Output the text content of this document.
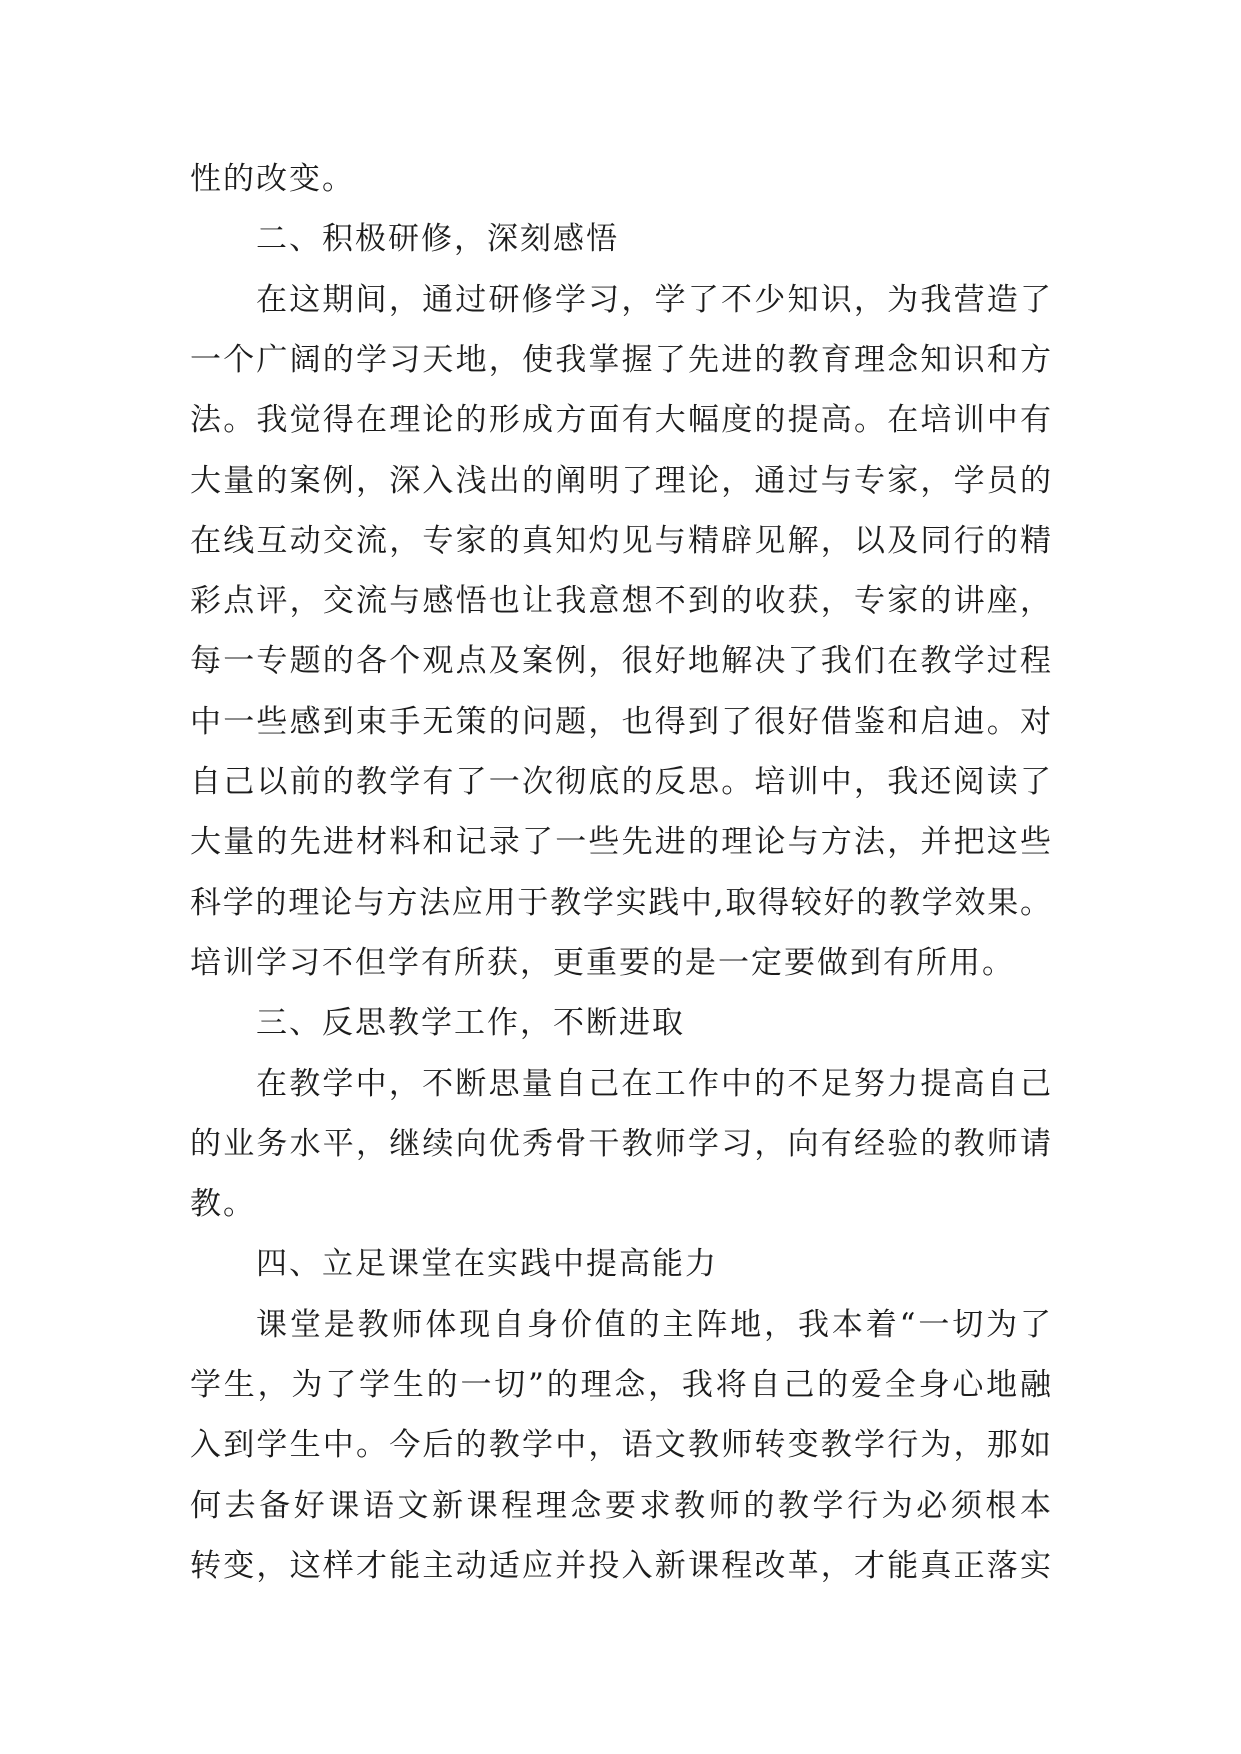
性的改变。
二、积极研修，深刻感悟
在这期间，通过研修学习，学了不少知识，为我营造了
一个广阔的学习天地，使我掌握了先进的教育理念知识和方
法。我觉得在理论的形成方面有大幅度的提高。在培训中有
大量的案例，深入浅出的阐明了理论，通过与专家，学员的
在线互动交流，专家的真知灼见与精辟见解，以及同行的精
彩点评，交流与感悟也让我意想不到的收获，专家的讲座，
每一专题的各个观点及案例，很好地解决了我们在教学过程
中一些感到束手无策的问题，也得到了很好借鉴和启迪。对
自己以前的教学有了一次彻底的反思。培训中，我还阅读了
大量的先进材料和记录了一些先进的理论与方法，并把这些
科学的理论与方法应用于教学实践中,取得较好的教学效果。
培训学习不但学有所获，更重要的是一定要做到有所用。
三、反思教学工作，不断进取
在教学中，不断思量自己在工作中的不足努力提高自己
的业务水平，继续向优秀骨干教师学习，向有经验的教师请
教。
四、立足课堂在实践中提高能力
课堂是教师体现自身价值的主阵地，我本着“一切为了
学生，为了学生的一切”的理念，我将自己的爱全身心地融
入到学生中。今后的教学中，语文教师转变教学行为，那如
何去备好课语文新课程理念要求教师的教学行为必须根本
转变，这样才能主动适应并投入新课程改革，才能真正落实
